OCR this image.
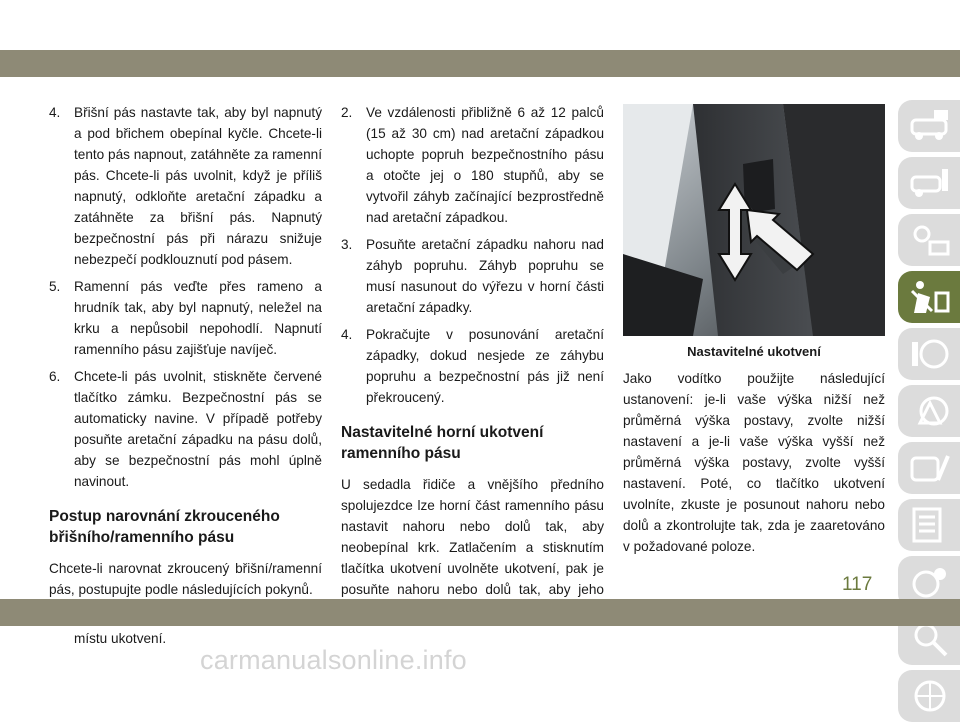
4. Břišní pás nastavte tak, aby byl napnutý a pod břichem obepínal kyčle. Chcete-li tento pás napnout, zatáhněte za ramenní pás. Chcete-li pás uvolnit, když je příliš napnutý, odkloňte aretační západku a zatáhněte za břišní pás. Napnutý bezpečnostní pás při nárazu snižuje nebezpečí podklouznutí pod pásem.
5. Ramenní pás veďte přes rameno a hrudník tak, aby byl napnutý, neležel na krku a nepůsobil nepohodlí. Napnutí ramenního pásu zajišťuje navíječ.
6. Chcete-li pás uvolnit, stiskněte červené tlačítko zámku. Bezpečnostní pás se automaticky navine. V případě potřeby posuňte aretační západku na pásu dolů, aby se bezpečnostní pás mohl úplně navinout.
Postup narovnání zkrouceného břišního/ramenního pásu

Chcete-li narovnat zkroucený břišní/ramenní pás, postupujte podle následujících pokynů.

místu ukotvení.
2. Ve vzdálenosti přibližně 6 až 12 palců (15 až 30 cm) nad aretační západkou uchopte popruh bezpečnostního pásu a otočte jej o 180 stupňů, aby se vytvořil záhyb začínající bezprostředně nad aretační západkou.
3. Posuňte aretační západku nahoru nad záhyb popruhu. Záhyb popruhu se musí nasunout do výřezu v horní části aretační západky.
4. Pokračujte v posunování aretační západky, dokud nesjede ze záhybu popruhu a bezpečnostní pás již není překroucený.
Nastavitelné horní ukotvení ramenního pásu

U sedadla řidiče a vnějšího předního spolujezdce lze horní část ramenního pásu nastavit nahoru nebo dolů tak, aby neobepínal krk. Zatlačením a stisknutím tlačítka ukotvení uvolněte ukotvení, pak je posuňte nahoru nebo dolů tak, aby jeho

Nastavitelné ukotvení

Jako vodítko použijte následující ustanovení: je-li vaše výška nižší než průměrná výška postavy, zvolte nižší nastavení a je-li vaše výška vyšší než průměrná výška postavy, zvolte vyšší nastavení. Poté, co tlačítko ukotvení uvolníte, zkuste je posunout nahoru nebo dolů a zkontrolujte tak, zda je zaaretováno v požadované poloze.

117
carmanualsonline.info
